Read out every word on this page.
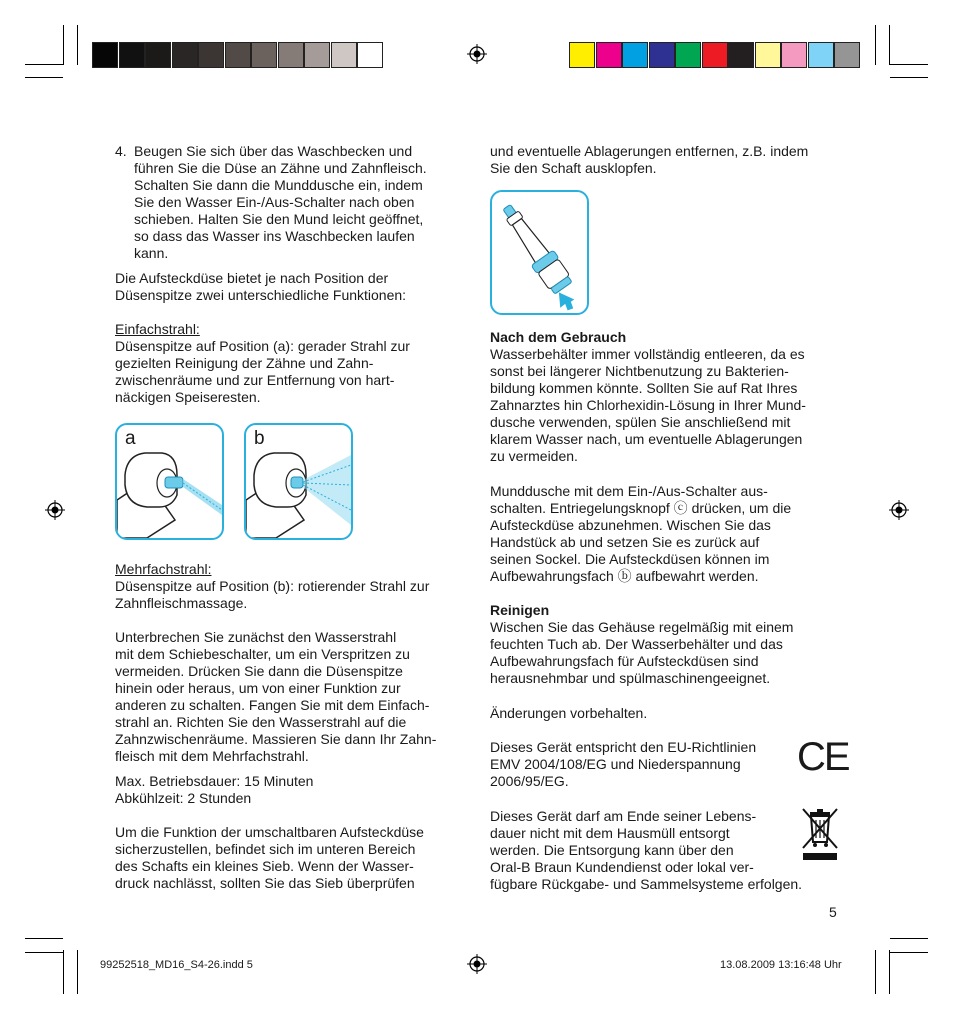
4. Beugen Sie sich über das Waschbecken und
führen Sie die Düse an Zähne und Zahnfleisch.
Schalten Sie dann die Munddusche ein, indem
Sie den Wasser Ein-/Aus-Schalter nach oben
schieben. Halten Sie den Mund leicht geöffnet,
so dass das Wasser ins Waschbecken laufen
kann.

Die Aufsteckdüse bietet je nach Position der
Düsenspitze zwei unterschiedliche Funktionen:

Einfachstrahl:

Düsenspitze auf Position (a): gerader Strahl zur
gezielten Reinigung der Zähne und Zahn-
zwischenräume und zur Entfernung von hart-
näckigen Speiseresten.

a	b

Mehrfachstrahl:

Düsenspitze auf Position (b): rotierender Strahl zur
Zahnfleischmassage.

Unterbrechen Sie zunächst den Wasserstrahl
mit dem Schiebeschalter, um ein Verspritzen zu
vermeiden. Drücken Sie dann die Düsenspitze
hinein oder heraus, um von einer Funktion zur
anderen zu schalten. Fangen Sie mit dem Einfach-
strahl an. Richten Sie den Wasserstrahl auf die
Zahnzwischenräume. Massieren Sie dann Ihr Zahn-
fleisch mit dem Mehrfachstrahl.

Max. Betriebsdauer: 15 Minuten
Abkühlzeit: 2 Stunden

Um die Funktion der umschaltbaren Aufsteckdüse
sicherzustellen, befindet sich im unteren Bereich
des Schafts ein kleines Sieb. Wenn der Wasser-
druck nachlässt, sollten Sie das Sieb überprüfen

und eventuelle Ablagerungen entfernen, z.B. indem
Sie den Schaft ausklopfen.

Nach dem Gebrauch

Wasserbehälter immer vollständig entleeren, da es
sonst bei längerer Nichtbenutzung zu Bakterien-
bildung kommen könnte. Sollten Sie auf Rat Ihres
Zahnarztes hin Chlorhexidin-Lösung in Ihrer Mund-
dusche verwenden, spülen Sie anschließend mit
klarem Wasser nach, um eventuelle Ablagerungen
zu vermeiden.

Munddusche mit dem Ein-/Aus-Schalter aus-
schalten. Entriegelungsknopf ⓒ drücken, um die
Aufsteckdüse abzunehmen. Wischen Sie das
Handstück ab und setzen Sie es zurück auf
seinen Sockel. Die Aufsteckdüsen können im
Aufbewahrungsfach ⓑ aufbewahrt werden.

Reinigen

Wischen Sie das Gehäuse regelmäßig mit einem
feuchten Tuch ab. Der Wasserbehälter und das
Aufbewahrungsfach für Aufsteckdüsen sind
herausnehmbar und spülmaschinengeeignet.

Änderungen vorbehalten.

Dieses Gerät entspricht den EU-Richtlinien
EMV 2004/108/EG und Niederspannung
2006/95/EG.

CE

Dieses Gerät darf am Ende seiner Lebens-
dauer nicht mit dem Hausmüll entsorgt
werden. Die Entsorgung kann über den
Oral-B Braun Kundendienst oder lokal ver-

fügbare Rückgabe- und Sammelsysteme erfolgen.

5

99252518_MD16_S4-26.indd 5	13.08.2009 13:16:48 Uhr
